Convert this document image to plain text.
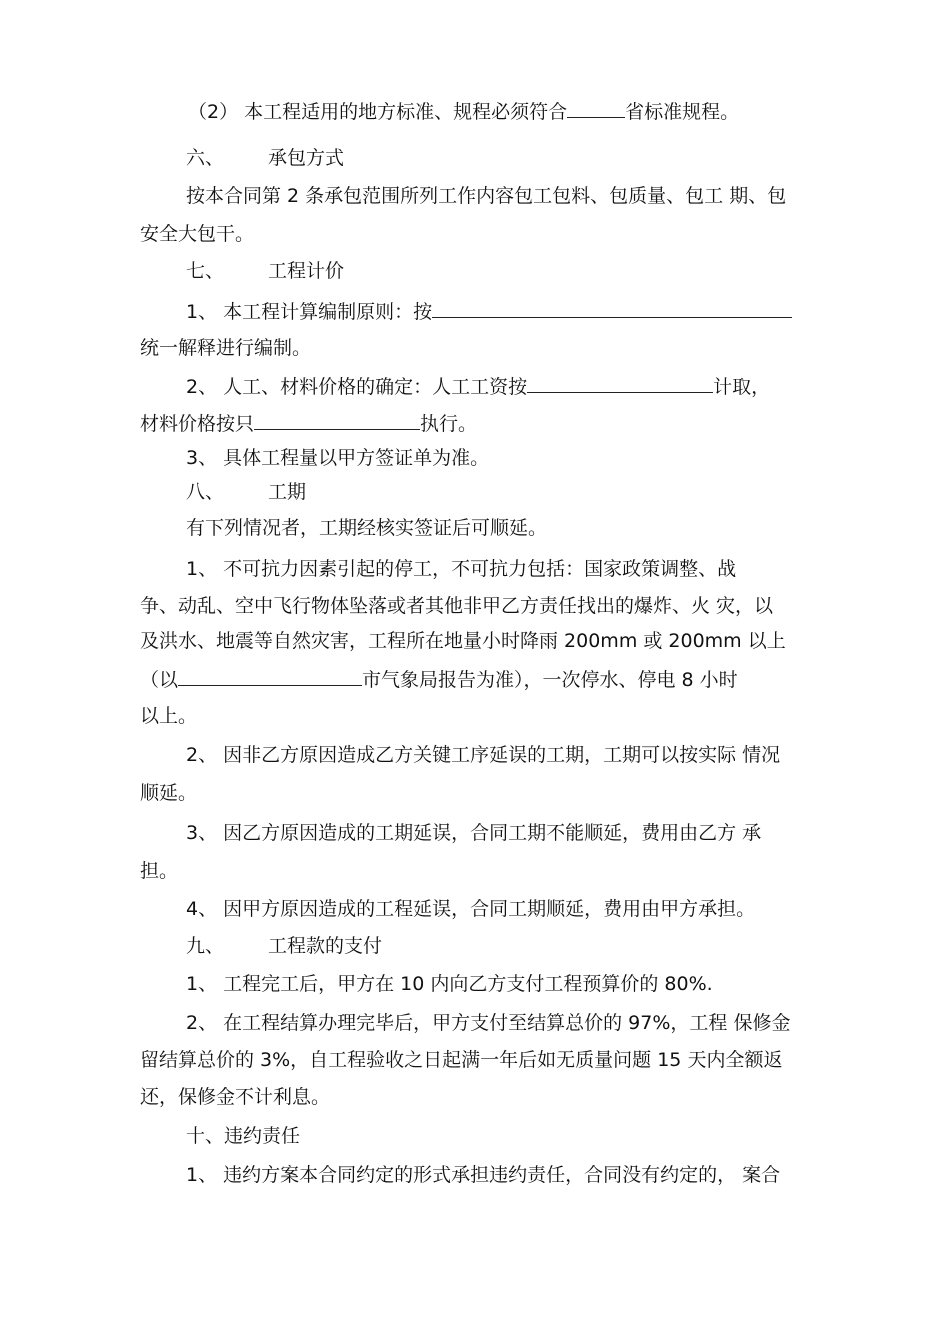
（2） 本工程适用的地方标准、规程必须符合	省标准规程。
六、 承包方式
按本合同第 2 条承包范围所列工作内容包工包料、包质量、包工 期、包
安全大包干。
七、 工程计价
1、 本工程计算编制原则：按
统一解释进行编制。
2、 人工、材料价格的确定：人工工资按	计取，
材料价格按只	执行。
3、 具体工程量以甲方签证单为准。
八、 工期
有下列情况者，工期经核实签证后可顺延。
1、 不可抗力因素引起的停工，不可抗力包括：国家政策调整、战
争、动乱、空中飞行物体坠落或者其他非甲乙方责任找出的爆炸、火 灾，以
及洪水、地震等自然灾害，工程所在地量小时降雨 200mm 或 200mm 以上
（以	市气象局报告为准），一次停水、停电 8 小时
以上。
2、 因非乙方原因造成乙方关键工序延误的工期，工期可以按实际 情况
顺延。
3、 因乙方原因造成的工期延误，合同工期不能顺延，费用由乙方 承
担。
4、 因甲方原因造成的工程延误，合同工期顺延，费用由甲方承担。
九、 工程款的支付
1、 工程完工后，甲方在 10 内向乙方支付工程预算价的 80%.
2、 在工程结算办理完毕后，甲方支付至结算总价的 97%，工程 保修金
留结算总价的 3%，自工程验收之日起满一年后如无质量问题 15 天内全额返
还，保修金不计利息。
十、违约责任
1、 违约方案本合同约定的形式承担违约责任，合同没有约定的， 案合
